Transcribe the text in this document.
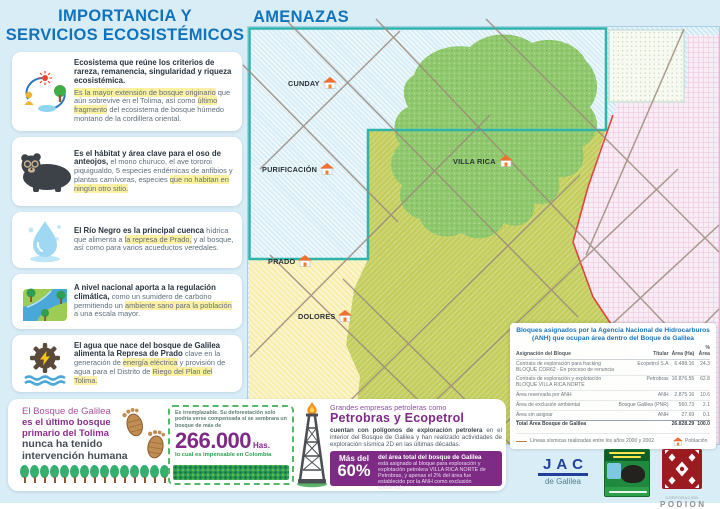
IMPORTANCIA Y
SERVICIOS ECOSISTÉMICOS
AMENAZAS

Ecosistema que reúne los criterios de rareza, remanencia, singularidad y riqueza ecosistémica.

Es la mayor extensión de bosque originario que aún sobrevive en el Tolima, así como último fragmento del ecosistema de bosque húmedo montano de la cordillera oriental.

Es el hábitat y área clave para el oso de anteojos, el mono churuco, el ave tororoi piquigualdo, 5 especies endémicas de anfibios y plantas carnívoras, especies que no habitan en ningún otro sitio.

El Río Negro es la principal cuenca hídrica que alimenta a la represa de Prado, y al bosque, así como para varios acueductos veredales.

A nivel nacional aporta a la regulación climática, como un sumidero de carbono permitiendo un ambiente sano para la población a una escala mayor.

El agua que nace del bosque de Galilea alimenta la Represa de Prado clave en la generación de energía eléctrica y provisión de agua para el Distrito de Riego del Plan del Tolima.

CUNDAY
PURIFICACIÓN
VILLA RICA
PRADO
DOLORES
Bloques asignados por la Agencia Nacional de Hidrocarburos (ANH) que ocupan área dentro del Boque de Galilea
Asignación del Bloque	Titular	Área (Ha)	% Área
Contrato de exploración para fracking BLOQUE COR62 - En proceso de renuncia	Ecopetrol S.A	6.488.16	24.3
Contrato de exploración y explotación BLOQUE VILLA RICA NORTE	Petrobras	16.876.55	62.8
Área reservada por ANH	ANH	2.875.16	10.6
Área de exclusión ambiental	Bosque Galilea (PNR)	560.73	2.1
Área sin asignar	ANH	27.69	0.1
Total Área Bosque de Galilea		26.828.29	100.0
Líneas sísmicas realizadas entre los años 2000 y 2002	Población
El Bosque de Galilea
es el último bosque primario del Tolima
nunca ha tenido intervención humana
Es irremplazable. Su deforestación solo podría verse compensada si se sembrara un bosque de más de
266.000 Has.
lo cual es impensable en Colombia
Grandes empresas petroleras como
Petrobras y Ecopetrol
cuentan con polígonos de exploración petrolera en el interior del Bosque de Galilea y han realizado actividades de exploración sísmica 2D en las últimas décadas.
Más del
60%
del área total del bosque de Galilea
está asignado al bloque para exploración y explotación petrolera VILLA RICA NORTE de Petrobras, y apenas el 2% del área fue establecido por la ANH como exclusión ambiental.
JAC
de Galilea
CORPORACIÓN
PODION
